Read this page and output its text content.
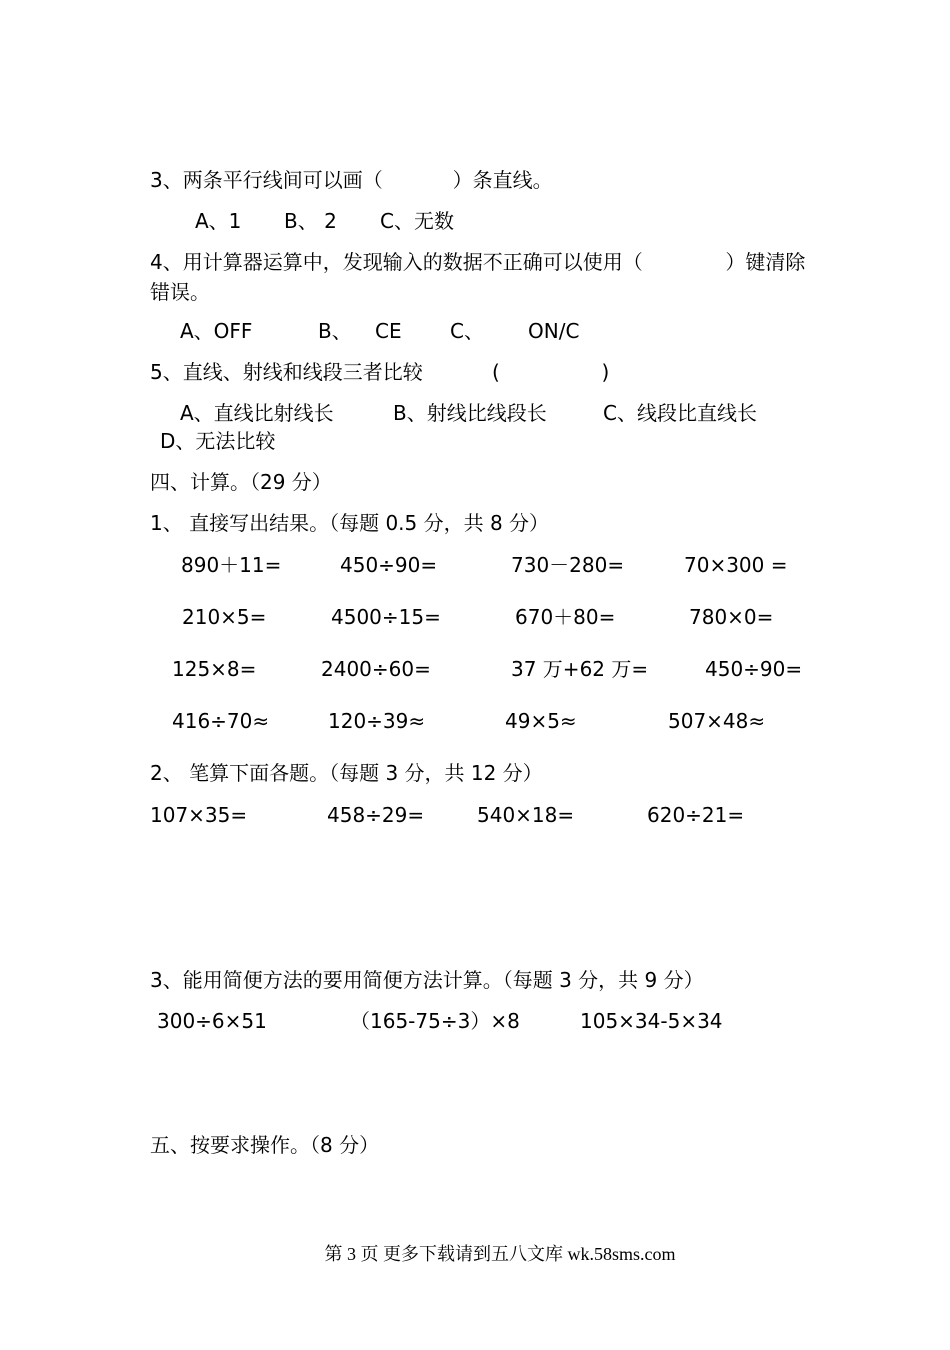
3、两条平行线间可以画（           ）条直线。
A、1 B、 2 C、无数
4、用计算器运算中，发现输入的数据不正确可以使用（             ）键清除
错误。
A、OFF	B、 CE C、 ON/C
5、直线、射线和线段三者比较	(                )
A、直线比射线长	B、射线比线段长	C、线段比直线长
D、无法比较
四、计算。（29 分）
1、 直接写出结果。（每题 0.5 分，共 8 分）
890＋11=	450÷90=	730－280=	70×300 =
210×5=	4500÷15=	670＋80=	780×0=
125×8=	2400÷60=	37 万+62 万=	450÷90=
416÷70≈	120÷39≈	49×5≈	507×48≈
2、 笔算下面各题。（每题 3 分，共 12 分）
107×35=	458÷29=	540×18=	620÷21=
3、能用简便方法的要用简便方法计算。（每题 3 分，共 9 分）
300÷6×51	（165-75÷3）×8	105×34-5×34
五、按要求操作。（8 分）
第 3 页 更多下载请到五八文库 wk.58sms.com
